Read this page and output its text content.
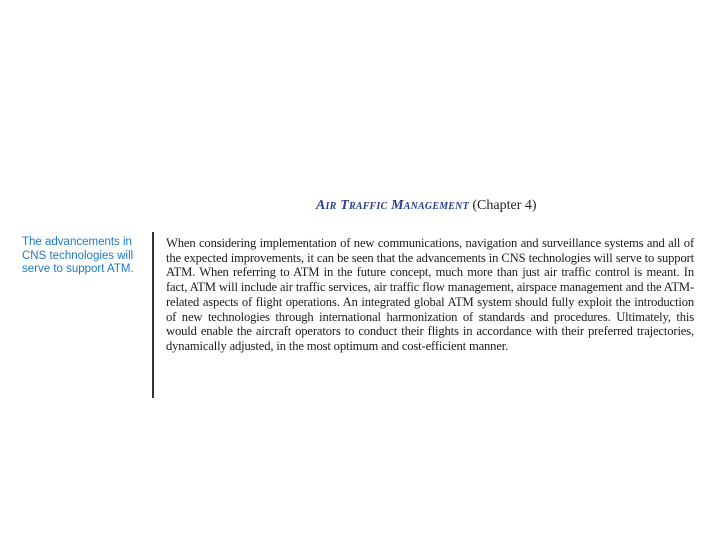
Air Traffic Management (Chapter 4)
The advancements in CNS technologies will serve to support ATM.
When considering implementation of new communications, navigation and surveillance systems and all of the expected improvements, it can be seen that the advancements in CNS technologies will serve to support ATM. When referring to ATM in the future concept, much more than just air traffic control is meant. In fact, ATM will include air traffic services, air traffic flow management, airspace management and the ATM-related aspects of flight operations. An integrated global ATM system should fully exploit the introduction of new technologies through international harmonization of standards and procedures. Ultimately, this would enable the aircraft operators to conduct their flights in accordance with their preferred trajectories, dynamically adjusted, in the most optimum and cost-efficient manner.
